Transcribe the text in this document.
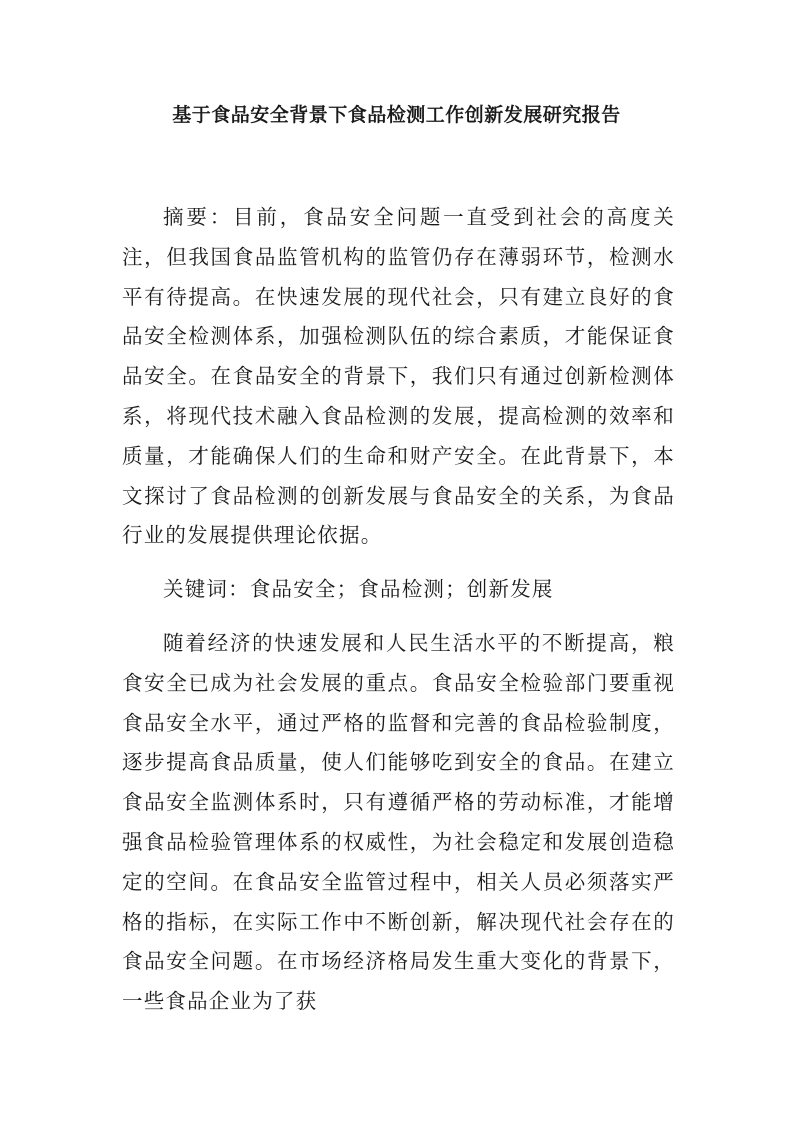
基于食品安全背景下食品检测工作创新发展研究报告

摘要：目前，食品安全问题一直受到社会的高度关注，但我国食品监管机构的监管仍存在薄弱环节，检测水平有待提高。在快速发展的现代社会，只有建立良好的食品安全检测体系，加强检测队伍的综合素质，才能保证食品安全。在食品安全的背景下，我们只有通过创新检测体系，将现代技术融入食品检测的发展，提高检测的效率和质量，才能确保人们的生命和财产安全。在此背景下，本文探讨了食品检测的创新发展与食品安全的关系，为食品行业的发展提供理论依据。

关键词：食品安全；食品检测；创新发展

随着经济的快速发展和人民生活水平的不断提高，粮食安全已成为社会发展的重点。食品安全检验部门要重视食品安全水平，通过严格的监督和完善的食品检验制度，逐步提高食品质量，使人们能够吃到安全的食品。在建立食品安全监测体系时，只有遵循严格的劳动标准，才能增强食品检验管理体系的权威性，为社会稳定和发展创造稳定的空间。在食品安全监管过程中，相关人员必须落实严格的指标，在实际工作中不断创新，解决现代社会存在的食品安全问题。在市场经济格局发生重大变化的背景下，一些食品企业为了获
